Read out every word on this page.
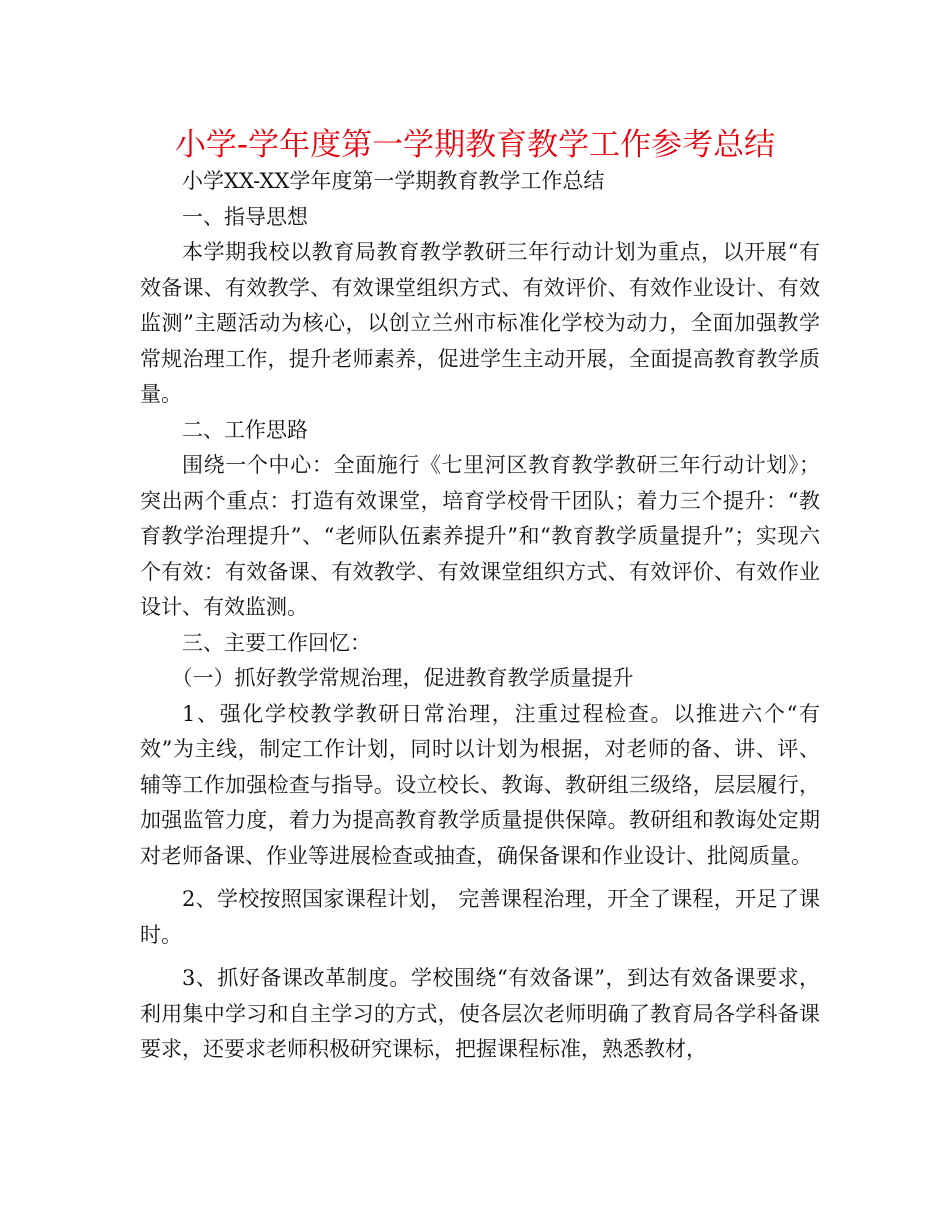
小学-学年度第一学期教育教学工作参考总结

小学XX-XX学年度第一学期教育教学工作总结

一、指导思想

本学期我校以教育局教育教学教研三年行动计划为重点，以开展“有效备课、有效教学、有效课堂组织方式、有效评价、有效作业设计、有效监测”主题活动为核心，以创立兰州市标准化学校为动力，全面加强教学常规治理工作，提升老师素养，促进学生主动开展，全面提高教育教学质量。

二、工作思路

围绕一个中心：全面施行《七里河区教育教学教研三年行动计划》；突出两个重点：打造有效课堂，培育学校骨干团队；着力三个提升：“教育教学治理提升”、“老师队伍素养提升”和“教育教学质量提升”；实现六个有效：有效备课、有效教学、有效课堂组织方式、有效评价、有效作业设计、有效监测。

三、主要工作回忆：

（一）抓好教学常规治理，促进教育教学质量提升

1、强化学校教学教研日常治理，注重过程检查。以推进六个“有效”为主线，制定工作计划，同时以计划为根据，对老师的备、讲、评、辅等工作加强检查与指导。设立校长、教诲、教研组三级络，层层履行，加强监管力度，着力为提高教育教学质量提供保障。教研组和教诲处定期对老师备课、作业等进展检查或抽查，确保备课和作业设计、批阅质量。

2、学校按照国家课程计划， 完善课程治理，开全了课程，开足了课时。

3、抓好备课改革制度。学校围绕“有效备课”，到达有效备课要求，利用集中学习和自主学习的方式，使各层次老师明确了教育局各学科备课要求，还要求老师积极研究课标，把握课程标准，熟悉教材，
